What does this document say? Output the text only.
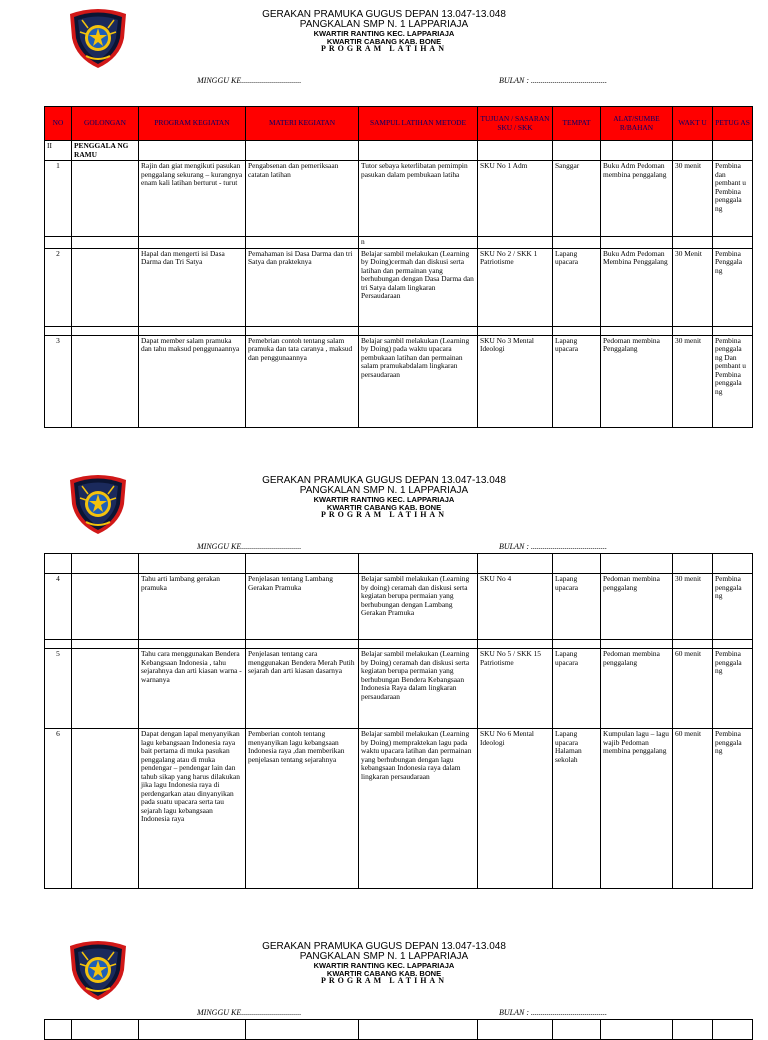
GERAKAN PRAMUKA GUGUS DEPAN 13.047-13.048
PANGKALAN SMP N. 1 LAPPARIAJA
KWARTIR RANTING KEC. LAPPARIAJA
KWARTIR CABANG KAB. BONE
PROGRAM LATIHAN
MINGGU KE..............................	BULAN : ......................................
NO	GOLONGAN	PROGRAM KEGIATAN	MATERI KEGIATAN	SAMPUL LATIHAN METODE	TUJUAN / SASARAN SKU / SKK	TEMPAT	ALAT/SUMBE R/BAHAN	WAKT U	PETUG AS
II	PENGGALA NG RAMU								
1		Rajin dan giat mengikuti pasukan penggalang sekurang – kurangnya enam kali latihan berturut - turut	Pengabsenan dan pemeriksaan catatan latihan	Tutor sebaya keterlibatan pemimpin pasukan dalam pembukaan latiha	SKU No 1 Adm	Sanggar	Buku Adm Pedoman membina penggalang	30 menit	Pembina dan pembant u Pembina penggala ng
				n					
2		Hapal dan mengerti isi Dasa Darma dan Tri Satya	Pemahaman isi Dasa Darma dan tri Satya dan prakteknya	Belajar sambil melakukan (Learning by Doing)cermah dan diskusi serta latihan dan permainan yang berhubungan dengan Dasa Darma dan tri Satya dalam lingkaran Persaudaraan	SKU No 2 / SKK 1 Patriotisme	Lapang upacara	Buku Adm Pedoman Membina Penggalang	30 Menit	Pembina Penggala ng

3		Dapat member salam pramuka dan tahu maksud penggunaannya	Pemebrian contoh tentang salam pramuka dan tata caranya , maksud dan penggunaannya	Belajar sambil melakukan (Learning by Doing) pada waktu upacara pembukaan latihan dan permainan salam pramukabdalam lingkaran persaudaraan	SKU No 3 Mental Ideologi	Lapang upacara	Pedoman membina Penggalang	30 menit	Pembina penggala ng Dan pembant u Pembina penggala ng
GERAKAN PRAMUKA GUGUS DEPAN 13.047-13.048
PANGKALAN SMP N. 1 LAPPARIAJA
KWARTIR RANTING KEC. LAPPARIAJA
KWARTIR CABANG KAB. BONE
PROGRAM LATIHAN
MINGGU KE..............................	BULAN : ......................................

4		Tahu arti lambang gerakan pramuka	Penjelasan tentang Lambang Gerakan Pramuka	Belajar sambil melakukan (Learning by doing) ceramah dan diskusi serta kegiatan berupa permaian yang berhubungan dengan Lambang Gerakan Pramuka	SKU No 4	Lapang upacara	Pedoman membina penggalang	30 menit	Pembina penggala ng

5		Tahu cara menggunakan Bendera Kebangsaan Indonesia , tahu sejarahnya dan arti kiasan warna - warnanya	Penjelasan tentang cara menggunakan Bendera Merah Putih sejarah dan arti kiasan dasarnya	Belajar sambil melakukan (Learning by Doing) ceramah dan diskusi serta kegiatan berupa permaian yang berhubungan Bendera Kebangsaan Indonesia Raya dalam lingkaran persaudaraan	SKU No 5 / SKK 15 Patriotisme	Lapang upacara	Pedoman membina penggalang	60 menit	Pembina penggala ng
6		Dapat dengan lapal menyanyikan lagu kebangsaan Indonesia raya bait pertama di muka pasukan penggalang atau di muka pendengar – pendengar lain dan tahub sikap yang harus dilakukan jika lagu Indonesia raya di perdengarkan atau dinyanyikan pada suatu upacara serta tau sejarah lagu kebangsaan Indonesia raya	Pemberian contoh tentang menyanyikan lagu kebangsaan Indonesia raya ,dan memberikan penjelasan tentang sejarahnya	Belajar sambil melakukan (Learning by Doing) mempraktekan lagu pada waktu upacara latihan dan permainan yang berhubungan dengan lagu kebangsaan Indonesia raya dalam lingkaran persaudaraan	SKU No 6 Mental Ideologi	Lapang upacara Halaman sekolah	Kumpulan lagu – lagu wajib Pedoman membina penggalang	60 menit	Pembina penggala ng
GERAKAN PRAMUKA GUGUS DEPAN 13.047-13.048
PANGKALAN SMP N. 1 LAPPARIAJA
KWARTIR RANTING KEC. LAPPARIAJA
KWARTIR CABANG KAB. BONE
PROGRAM LATIHAN
MINGGU KE..............................	BULAN : ......................................
